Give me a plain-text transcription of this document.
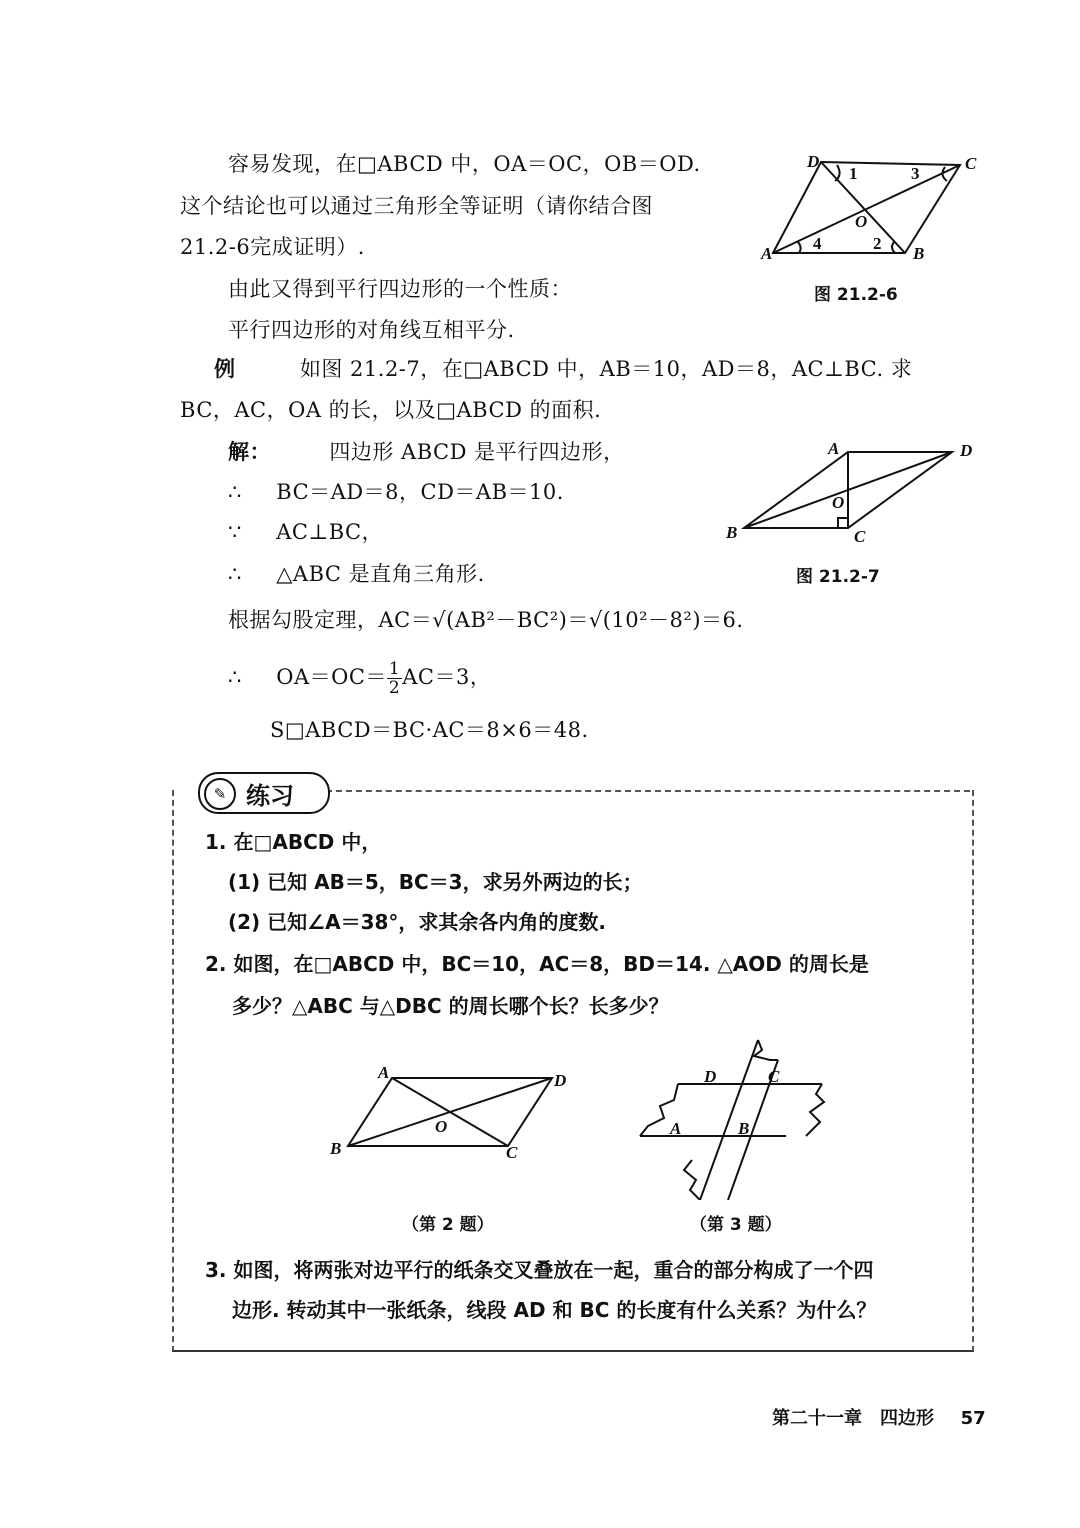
容易发现，在□ABCD 中，OA＝OC，OB＝OD.
这个结论也可以通过三角形全等证明（请你结合图
21.2-6完成证明）.
由此又得到平行四边形的一个性质：
平行四边形的对角线互相平分.
D	C
A	B
O
1	3
4	2
图 21.2-6
例	如图 21.2-7，在□ABCD 中，AB＝10，AD＝8，AC⊥BC. 求
BC，AC，OA 的长，以及□ABCD 的面积.
解：	四边形 ABCD 是平行四边形，
∴ BC＝AD＝8，CD＝AB＝10.
∵ AC⊥BC，
∴ △ABC 是直角三角形.
根据勾股定理，AC＝√(AB²－BC²)＝√(10²－8²)＝6.
∴ $OA=OC= \frac{1}{2} AC=3$，
S□ABCD＝BC·AC＝8×6＝48.
A	D
B	C
O
图 21.2-7
✎ 练习
1. 在□ABCD 中，
(1) 已知 AB＝5，BC＝3，求另外两边的长；
(2) 已知∠A＝38°，求其余各内角的度数.
2. 如图，在□ABCD 中，BC＝10，AC＝8，BD＝14. △AOD 的周长是
多少？△ABC 与△DBC 的周长哪个长？长多少？
A	D
B	C
O
（第 2 题）
D	C
A	B
（第 3 题）
3. 如图，将两张对边平行的纸条交叉叠放在一起，重合的部分构成了一个四
边形. 转动其中一张纸条，线段 AD 和 BC 的长度有什么关系？为什么？
第二十一章　四边形 57
